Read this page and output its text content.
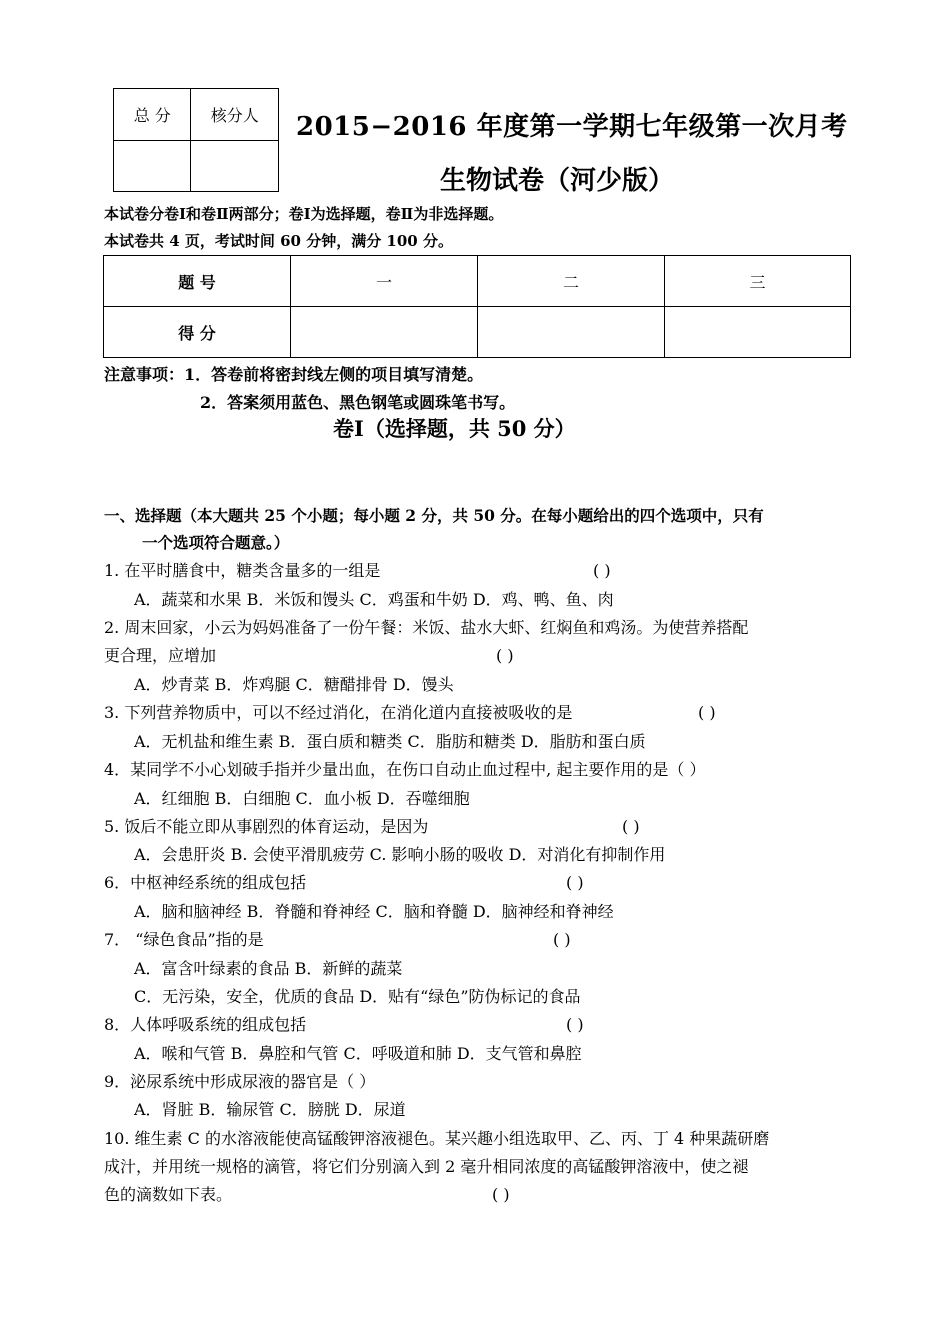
总 分	核分人
	2015−2016 年度第一学期七年级第一次月考
生物试卷（河少版）
本试卷分卷Ⅰ和卷Ⅱ两部分；卷Ⅰ为选择题，卷Ⅱ为非选择题。
本试卷共 4 页，考试时间 60 分钟，满分 100 分。
题 号	一	二	三
得 分			
注意事项：1．答卷前将密封线左侧的项目填写清楚。
2．答案须用蓝色、黑色钢笔或圆珠笔书写。
卷Ⅰ（选择题，共 50 分）
一、选择题（本大题共 25 个小题；每小题 2 分，共 50 分。在每小题给出的四个选项中，只有
一个选项符合题意。）
1. 在平时膳食中，糖类含量多的一组是	( )
A．蔬菜和水果 B．米饭和馒头 C．鸡蛋和牛奶 D．鸡、鸭、鱼、肉
2. 周末回家，小云为妈妈准备了一份午餐：米饭、盐水大虾、红焖鱼和鸡汤。为使营养搭配
更合理，应增加	( )
A．炒青菜 B．炸鸡腿 C．糖醋排骨 D．馒头
3. 下列营养物质中，可以不经过消化，在消化道内直接被吸收的是	( )
A．无机盐和维生素 B．蛋白质和糖类 C．脂肪和糖类 D．脂肪和蛋白质
4．某同学不小心划破手指并少量出血，在伤口自动止血过程中, 起主要作用的是（ ）
A．红细胞 B．白细胞 C．血小板 D．吞噬细胞
5. 饭后不能立即从事剧烈的体育运动，是因为	( )
A．会患肝炎 B. 会使平滑肌疲劳 C. 影响小肠的吸收 D．对消化有抑制作用
6．中枢神经系统的组成包括	( )
A．脑和脑神经 B．脊髓和脊神经 C．脑和脊髓 D．脑神经和脊神经
7． “绿色食品”指的是	( )
A．富含叶绿素的食品 B．新鲜的蔬菜
C．无污染，安全，优质的食品 D．贴有“绿色”防伪标记的食品
8．人体呼吸系统的组成包括	( )
A．喉和气管 B．鼻腔和气管 C．呼吸道和肺 D．支气管和鼻腔
9．泌尿系统中形成尿液的器官是（ ）
A．肾脏 B．输尿管 C．膀胱 D．尿道
10. 维生素 C 的水溶液能使高锰酸钾溶液褪色。某兴趣小组选取甲、乙、丙、丁 4 种果蔬研磨
成汁，并用统一规格的滴管，将它们分别滴入到 2 毫升相同浓度的高锰酸钾溶液中，使之褪
色的滴数如下表。	( )
